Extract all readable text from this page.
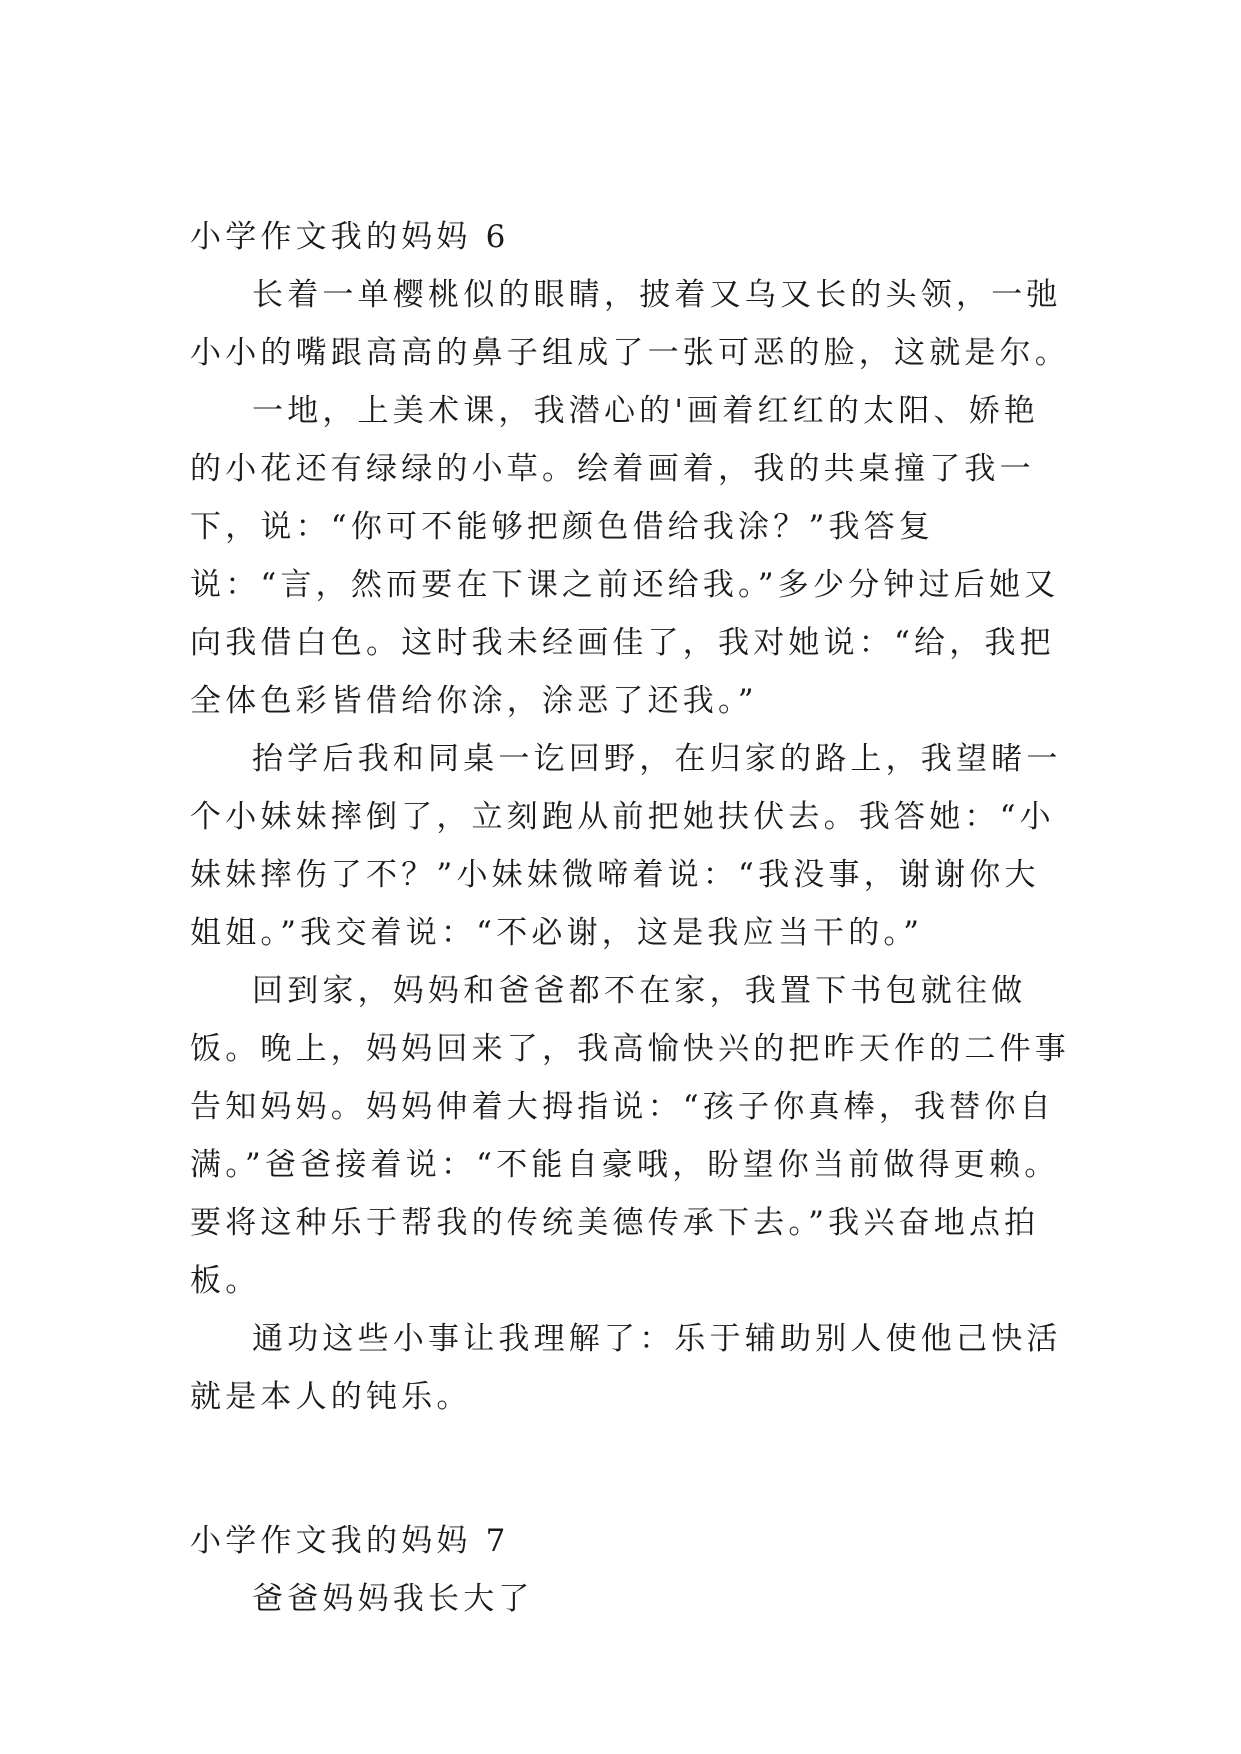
小学作文我的妈妈 6

长着一单樱桃似的眼睛，披着又乌又长的头领，一弛小小的嘴跟高高的鼻子组成了一张可恶的脸，这就是尔。

一地，上美术课，我潜心的'画着红红的太阳、娇艳的小花还有绿绿的小草。绘着画着，我的共桌撞了我一下，说：“你可不能够把颜色借给我涂？”我答复说：“言，然而要在下课之前还给我。”多少分钟过后她又向我借白色。这时我未经画佳了，我对她说：“给，我把全体色彩皆借给你涂，涂恶了还我。”

抬学后我和同桌一讫回野，在归家的路上，我望睹一个小妹妹摔倒了，立刻跑从前把她扶伏去。我答她：“小妹妹摔伤了不？”小妹妹微啼着说：“我没事，谢谢你大姐姐。”我交着说：“不必谢，这是我应当干的。”

回到家，妈妈和爸爸都不在家，我置下书包就往做饭。晚上，妈妈回来了，我高愉快兴的把昨天作的二件事告知妈妈。妈妈伸着大拇指说：“孩子你真棒，我替你自满。”爸爸接着说：“不能自豪哦，盼望你当前做得更赖。要将这种乐于帮我的传统美德传承下去。”我兴奋地点拍板。

通功这些小事让我理解了：乐于辅助别人使他己快活就是本人的钝乐。

小学作文我的妈妈 7

爸爸妈妈我长大了
